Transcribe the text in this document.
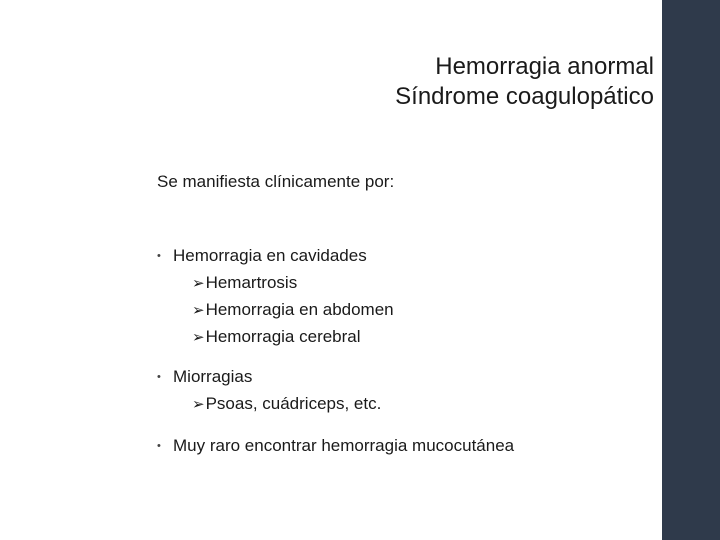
Hemorragia anormal
Síndrome coagulopático

Se manifiesta clínicamente por:

• Hemorragia en cavidades
➢Hemartrosis
➢Hemorragia en abdomen
➢Hemorragia cerebral
• Miorragias
➢Psoas, cuádriceps, etc.
• Muy raro encontrar hemorragia mucocutánea
